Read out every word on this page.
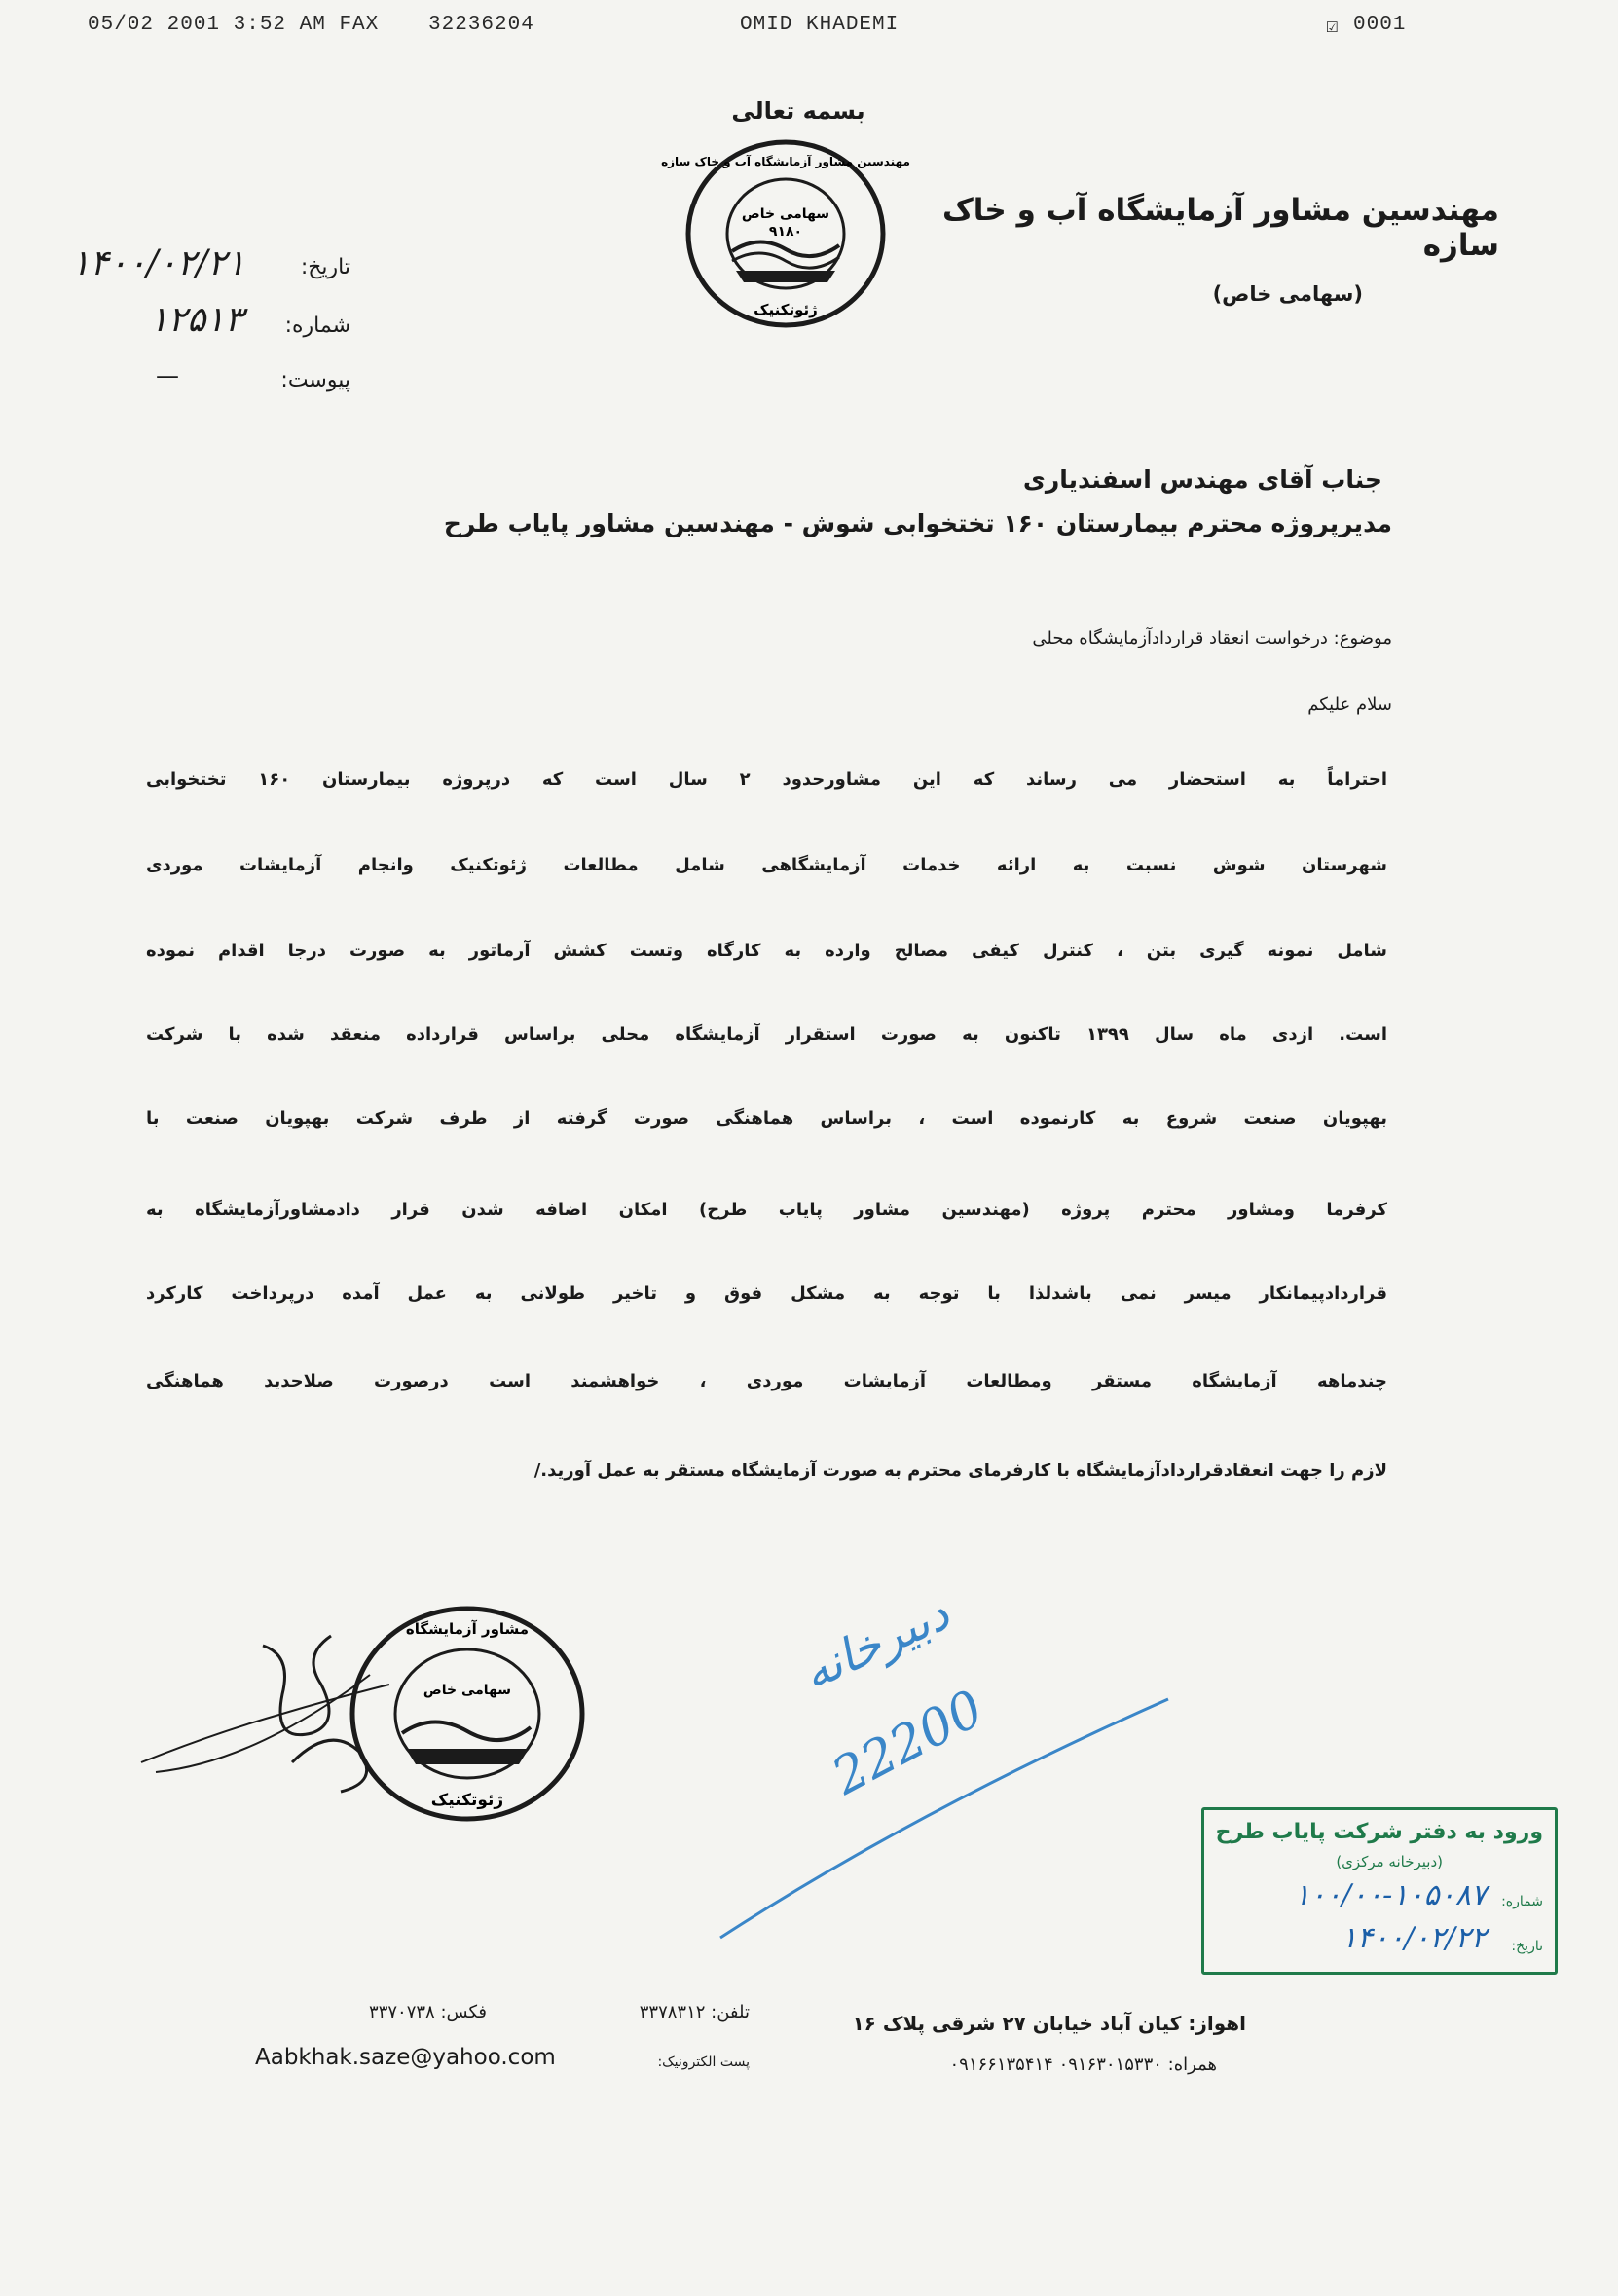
05/02 2001 3:52 AM FAX 32236204	OMID KHADEMI	☑ 0001
بسمه تعالی
سهامی خاص
۹۱۸۰
ژئوتکنیک
مهندسین مشاور آزمایشگاه آب و خاک سازه
مهندسین مشاور آزمایشگاه آب و خاک سازه
(سهامی خاص)
تاریخ:
۱۴۰۰/۰۲/۲۱
شماره:
۱۲۵۱۳
پیوست:
—
جناب آقای مهندس اسفندیاری
مدیرپروژه محترم بیمارستان ۱۶۰ تختخوابی شوش - مهندسین مشاور پایاب طرح
موضوع: درخواست انعقاد قراردادآزمایشگاه محلی
سلام علیکم
احتراماً به استحضار می رساند که این مشاورحدود ۲ سال است که درپروژه بیمارستان ۱۶۰ تختخوابی
شهرستان شوش نسبت به ارائه خدمات آزمایشگاهی شامل مطالعات ژئوتکنیک وانجام آزمایشات موردی
شامل نمونه گیری بتن ، کنترل کیفی مصالح وارده به کارگاه وتست کشش آرماتور به صورت درجا اقدام نموده
است. ازدی ماه سال ۱۳۹۹ تاکنون به صورت استقرار آزمایشگاه محلی براساس قرارداده منعقد شده با شرکت
بهپویان صنعت شروع به کارنموده است ، براساس هماهنگی صورت گرفته از طرف شرکت بهپویان صنعت با
کرفرما ومشاور محترم پروژه (مهندسین مشاور پایاب طرح) امکان اضافه شدن قرار دادمشاورآزمایشگاه به
قراردادپیمانکار میسر نمی باشدلذا با توجه به مشکل فوق و تاخیر طولانی به عمل آمده درپرداخت کارکرد
چندماهه آزمایشگاه مستقر ومطالعات آزمایشات موردی ، خواهشمند است درصورت صلاحدید هماهنگی
لازم را جهت انعقادقراردادآزمایشگاه با کارفرمای محترم به صورت آزمایشگاه مستقر به عمل آورید./
مشاور آزمایشگاه
سهامی خاص
ژئوتکنیک
دبیرخانه
22200
ورود به دفتر شرکت پایاب طرح
(دبیرخانه مرکزی)
شماره:
۱۰۰/۰۰-۱۰۵۰۸۷
تاریخ:
۱۴۰۰/۰۲/۲۲
اهواز: کیان آباد خیابان ۲۷ شرقی پلاک ۱۶
تلفن: ۳۳۷۸۳۱۲
فکس: ۳۳۷۰۷۳۸
همراه: ۰۹۱۶۳۰۱۵۳۳۰ ۰۹۱۶۶۱۳۵۴۱۴
پست الکترونیک:
Aabkhak.saze@yahoo.com
